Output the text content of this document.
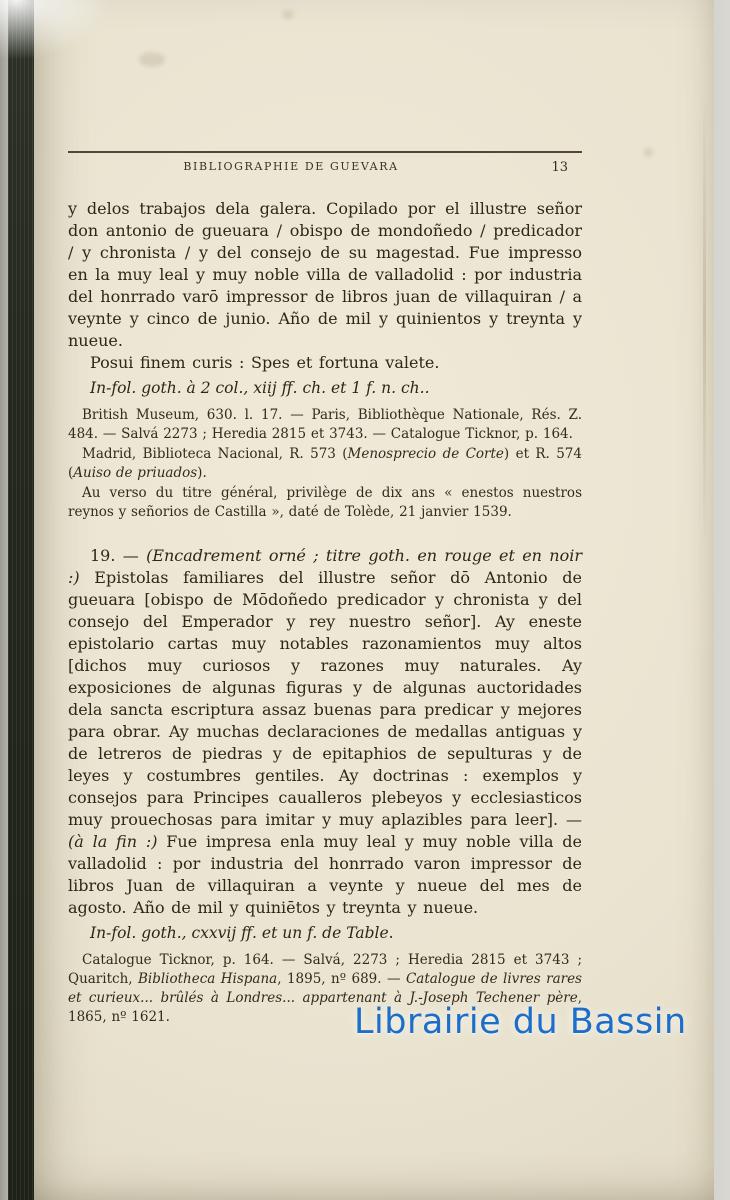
BIBLIOGRAPHIE DE GUEVARA	13

y delos trabajos dela galera. Copilado por el illustre señor don antonio de gueuara / obispo de mondoñedo / predicador / y chronista / y del consejo de su magestad. Fue impresso en la muy leal y muy noble villa de valladolid : por industria del honrrado varō impressor de libros juan de villaquiran / a veynte y cinco de junio. Año de mil y quinientos y treynta y nueue.

Posui finem curis : Spes et fortuna valete.

In-fol. goth. à 2 col., xiij ff. ch. et 1 f. n. ch..

British Museum, 630. l. 17. — Paris, Bibliothèque Nationale, Rés. Z. 484. — Salvá 2273 ; Heredia 2815 et 3743. — Catalogue Ticknor, p. 164.

Madrid, Biblioteca Nacional, R. 573 (Menosprecio de Corte) et R. 574 (Auiso de priuados).

Au verso du titre général, privilège de dix ans « enestos nuestros reynos y señorios de Castilla », daté de Tolède, 21 janvier 1539.

19. — (Encadrement orné ; titre goth. en rouge et en noir :) Epistolas familiares del illustre señor dō Antonio de gueuara [obispo de Mōdoñedo predicador y chronista y del consejo del Emperador y rey nuestro señor]. Ay eneste epistolario cartas muy notables razonamientos muy altos [dichos muy curiosos y razones muy naturales. Ay exposiciones de algunas figuras y de algunas auctoridades dela sancta escriptura assaz buenas para predicar y mejores para obrar. Ay muchas declaraciones de medallas antiguas y de letreros de piedras y de epitaphios de sepulturas y de leyes y costumbres gentiles. Ay doctrinas : exemplos y consejos para Principes caualleros plebeyos y ecclesiasticos muy prouechosas para imitar y muy aplazibles para leer]. — (à la fin :) Fue impresa enla muy leal y muy noble villa de valladolid : por industria del honrrado varon impressor de libros Juan de villaquiran a veynte y nueue del mes de agosto. Año de mil y quiniētos y treynta y nueue.

In-fol. goth., cxxvij ff. et un f. de Table.

Catalogue Ticknor, p. 164. — Salvá, 2273 ; Heredia 2815 et 3743 ; Quaritch, Bibliotheca Hispana, 1895, nº 689. — Catalogue de livres rares et curieux... brûlés à Londres... appartenant à J.-Joseph Techener père, 1865, nº 1621.	Librairie du Bassin
